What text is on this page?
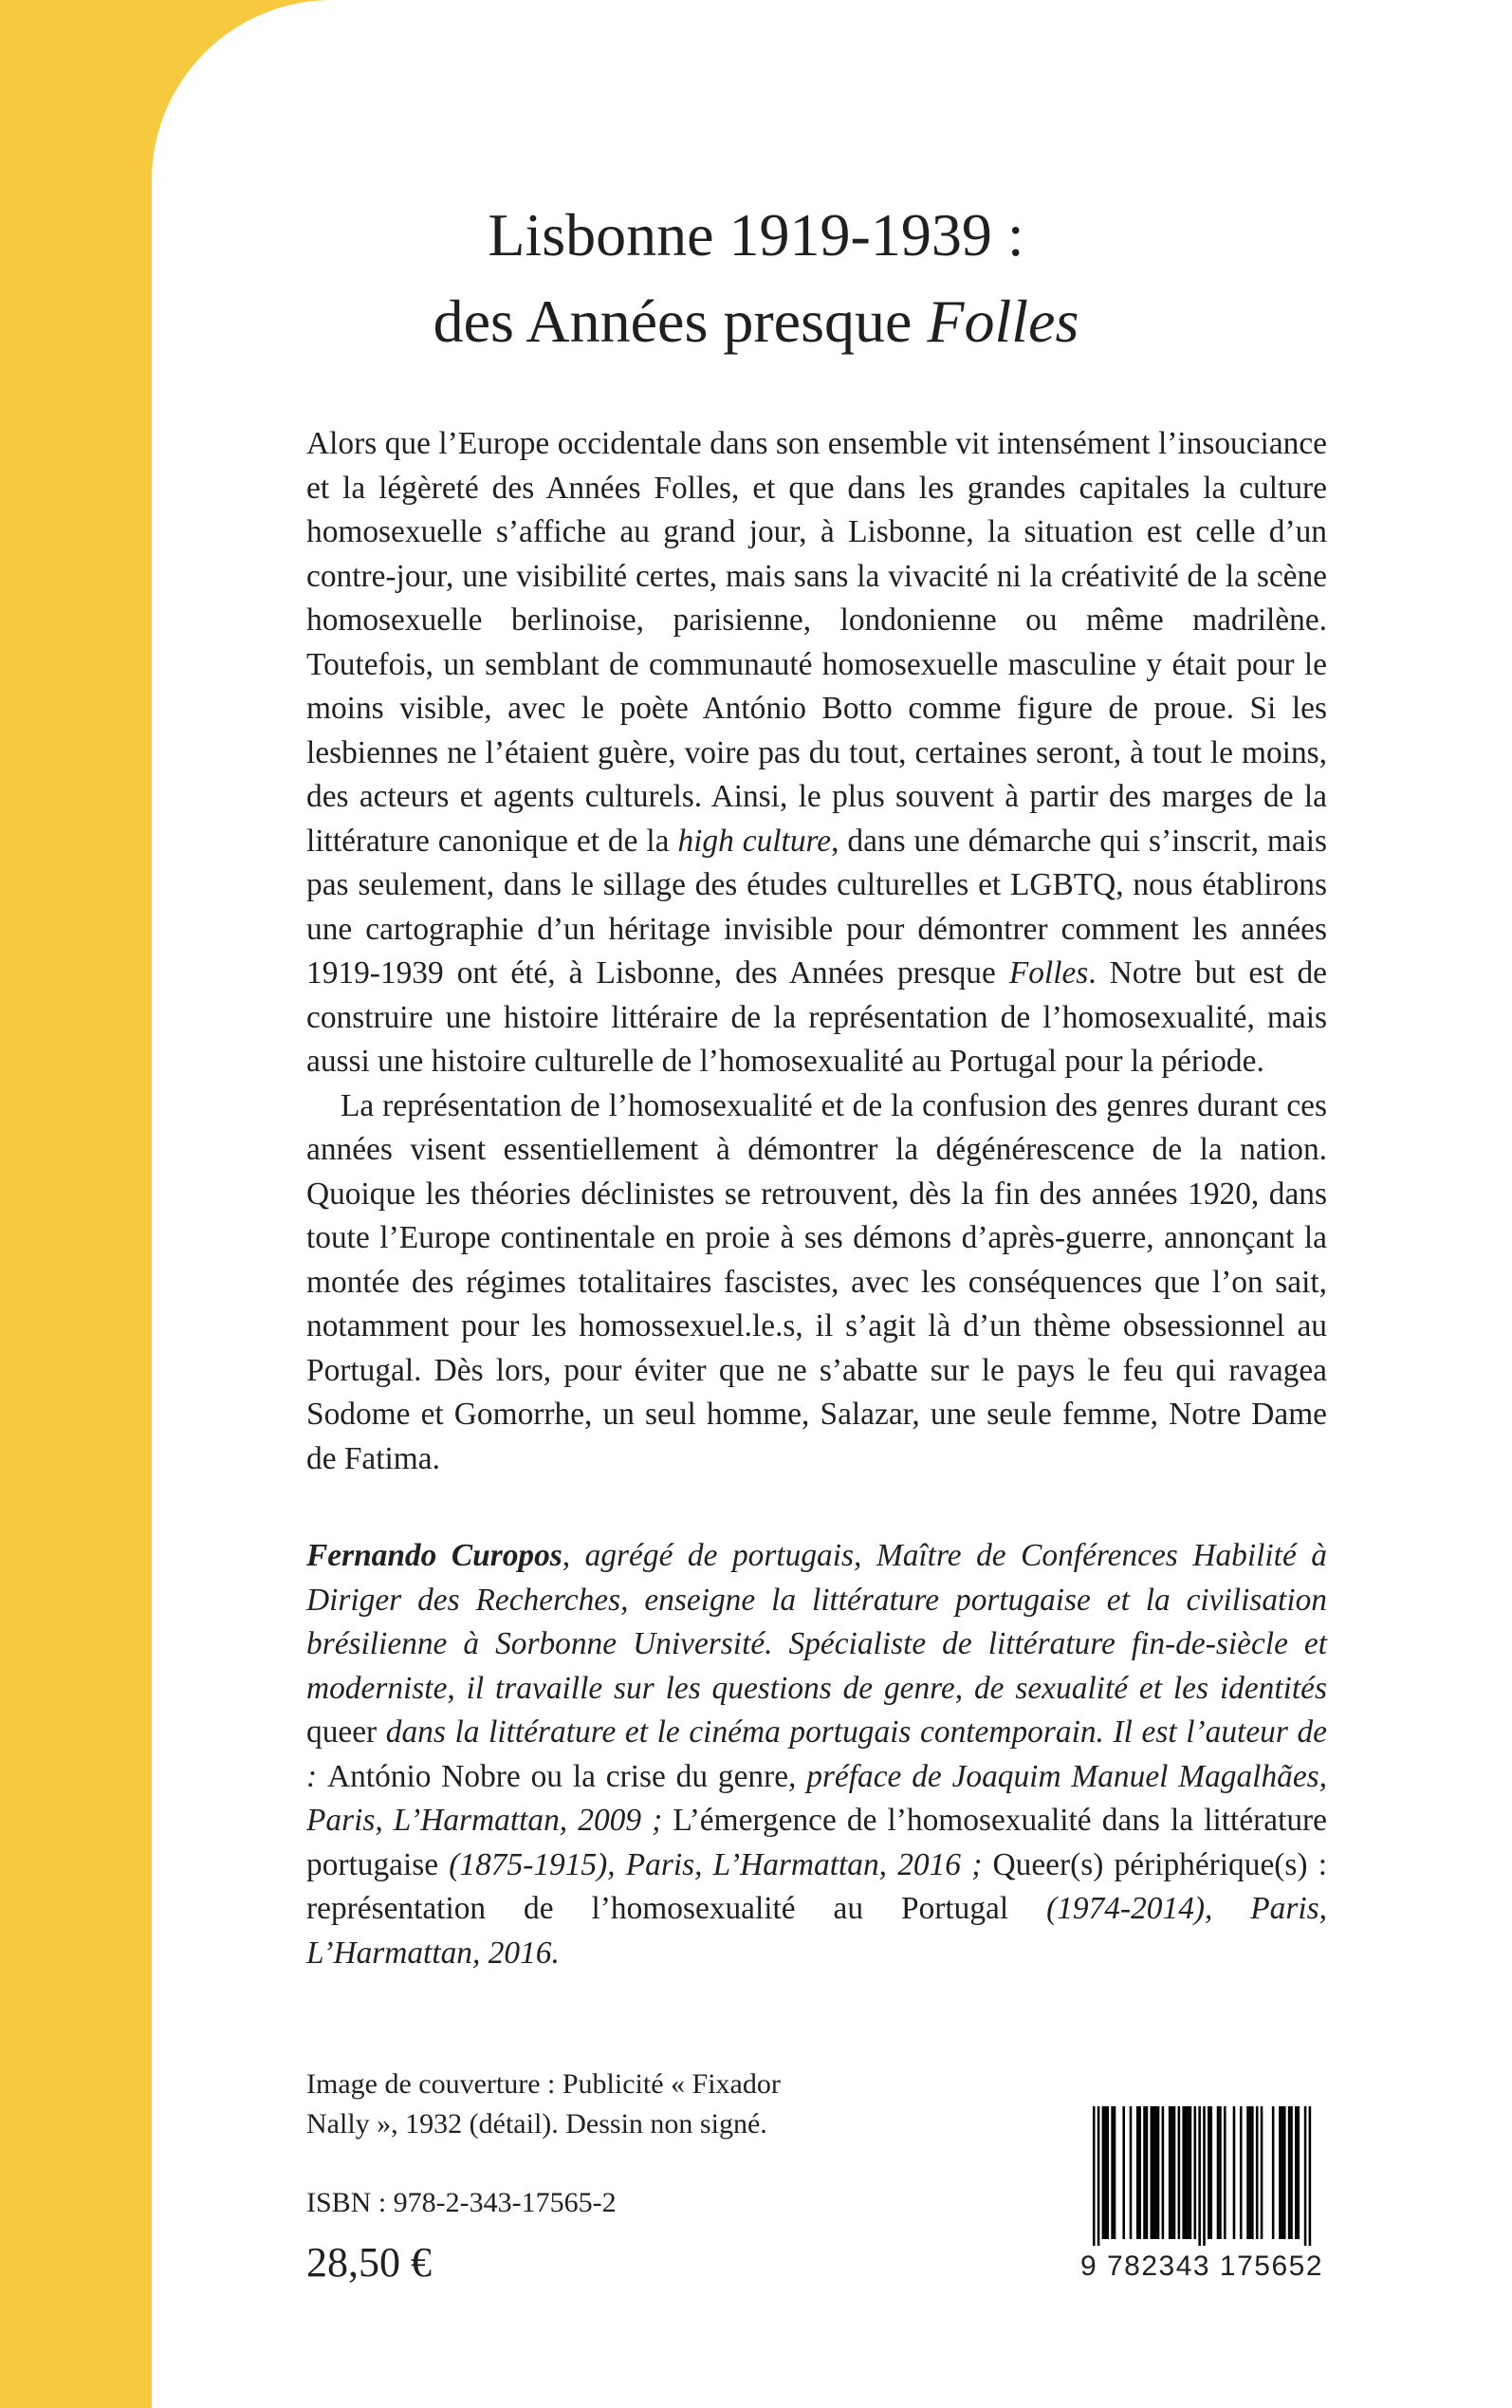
Lisbonne 1919-1939 :
des Années presque Folles

Alors que l’Europe occidentale dans son ensemble vit intensément l’insouciance et la légèreté des Années Folles, et que dans les grandes capitales la culture homosexuelle s’affiche au grand jour, à Lisbonne, la situation est celle d’un contre-jour, une visibilité certes, mais sans la vivacité ni la créativité de la scène homosexuelle berlinoise, parisienne, londonienne ou même madrilène. Toutefois, un semblant de communauté homosexuelle masculine y était pour le moins visible, avec le poète António Botto comme figure de proue. Si les lesbiennes ne l’étaient guère, voire pas du tout, certaines seront, à tout le moins, des acteurs et agents culturels. Ainsi, le plus souvent à partir des marges de la littérature canonique et de la high culture, dans une démarche qui s’inscrit, mais pas seulement, dans le sillage des études culturelles et LGBTQ, nous établirons une cartographie d’un héritage invisible pour démontrer comment les années 1919-1939 ont été, à Lisbonne, des Années presque Folles. Notre but est de construire une histoire littéraire de la représentation de l’homosexualité, mais aussi une histoire culturelle de l’homosexualité au Portugal pour la période.

La représentation de l’homosexualité et de la confusion des genres durant ces années visent essentiellement à démontrer la dégénérescence de la nation. Quoique les théories déclinistes se retrouvent, dès la fin des années 1920, dans toute l’Europe continentale en proie à ses démons d’après-guerre, annonçant la montée des régimes totalitaires fascistes, avec les conséquences que l’on sait, notamment pour les homossexuel.le.s, il s’agit là d’un thème obsessionnel au Portugal. Dès lors, pour éviter que ne s’abatte sur le pays le feu qui ravagea Sodome et Gomorrhe, un seul homme, Salazar, une seule femme, Notre Dame de Fatima.

Fernando Curopos, agrégé de portugais, Maître de Conférences Habilité à Diriger des Recherches, enseigne la littérature portugaise et la civilisation brésilienne à Sorbonne Université. Spécialiste de littérature fin-de-siècle et moderniste, il travaille sur les questions de genre, de sexualité et les identités queer dans la littérature et le cinéma portugais contemporain. Il est l’auteur de : António Nobre ou la crise du genre, préface de Joaquim Manuel Magalhães, Paris, L’Harmattan, 2009 ; L’émergence de l’homosexualité dans la littérature portugaise (1875-1915), Paris, L’Harmattan, 2016 ; Queer(s) périphérique(s) : représentation de l’homosexualité au Portugal (1974-2014), Paris, L’Harmattan, 2016.

Image de couverture : Publicité « Fixador Nally », 1932 (détail). Dessin non signé.

ISBN : 978-2-343-17565-2
28,50 €	9 782343 175652
